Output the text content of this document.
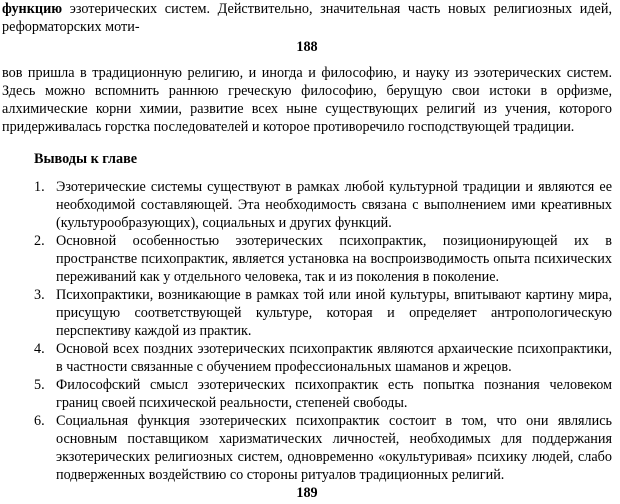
функцию эзотерических систем. Действительно, значительная часть новых религиозных идей, реформаторских моти-

188

вов пришла в традиционную религию, и иногда и философию, и науку из эзотерических систем. Здесь можно вспомнить раннюю греческую философию, берущую свои истоки в орфизме, алхимические корни химии, развитие всех ныне существующих религий из учения, которого придерживалась горстка последователей и которое противоречило господствующей традиции.

Выводы к главе
1. Эзотерические системы существуют в рамках любой культурной традиции и являются ее необходимой составляющей. Эта необходимость связана с выполнением ими креативных (культурообразующих), социальных и других функций.
2. Основной особенностью эзотерических психопрактик, позиционирующей их в пространстве психопрактик, является установка на воспроизводимость опыта психических переживаний как у отдельного человека, так и из поколения в поколение.
3. Психопрактики, возникающие в рамках той или иной культуры, впитывают картину мира, присущую соответствующей культуре, которая и определяет антропологическую перспективу каждой из практик.
4. Основой всех поздних эзотерических психопрактик являются архаические психопрактики, в частности связанные с обучением профессиональных шаманов и жрецов.
5. Философский смысл эзотерических психопрактик есть попытка познания человеком границ своей психической реальности, степеней свободы.
6. Социальная функция эзотерических психопрактик состоит в том, что они являлись основным поставщиком харизматических личностей, необходимых для поддержания экзотерических религиозных систем, одновременно «окультуривая» психику людей, слабо подверженных воздействию со стороны ритуалов традиционных религий.
189
